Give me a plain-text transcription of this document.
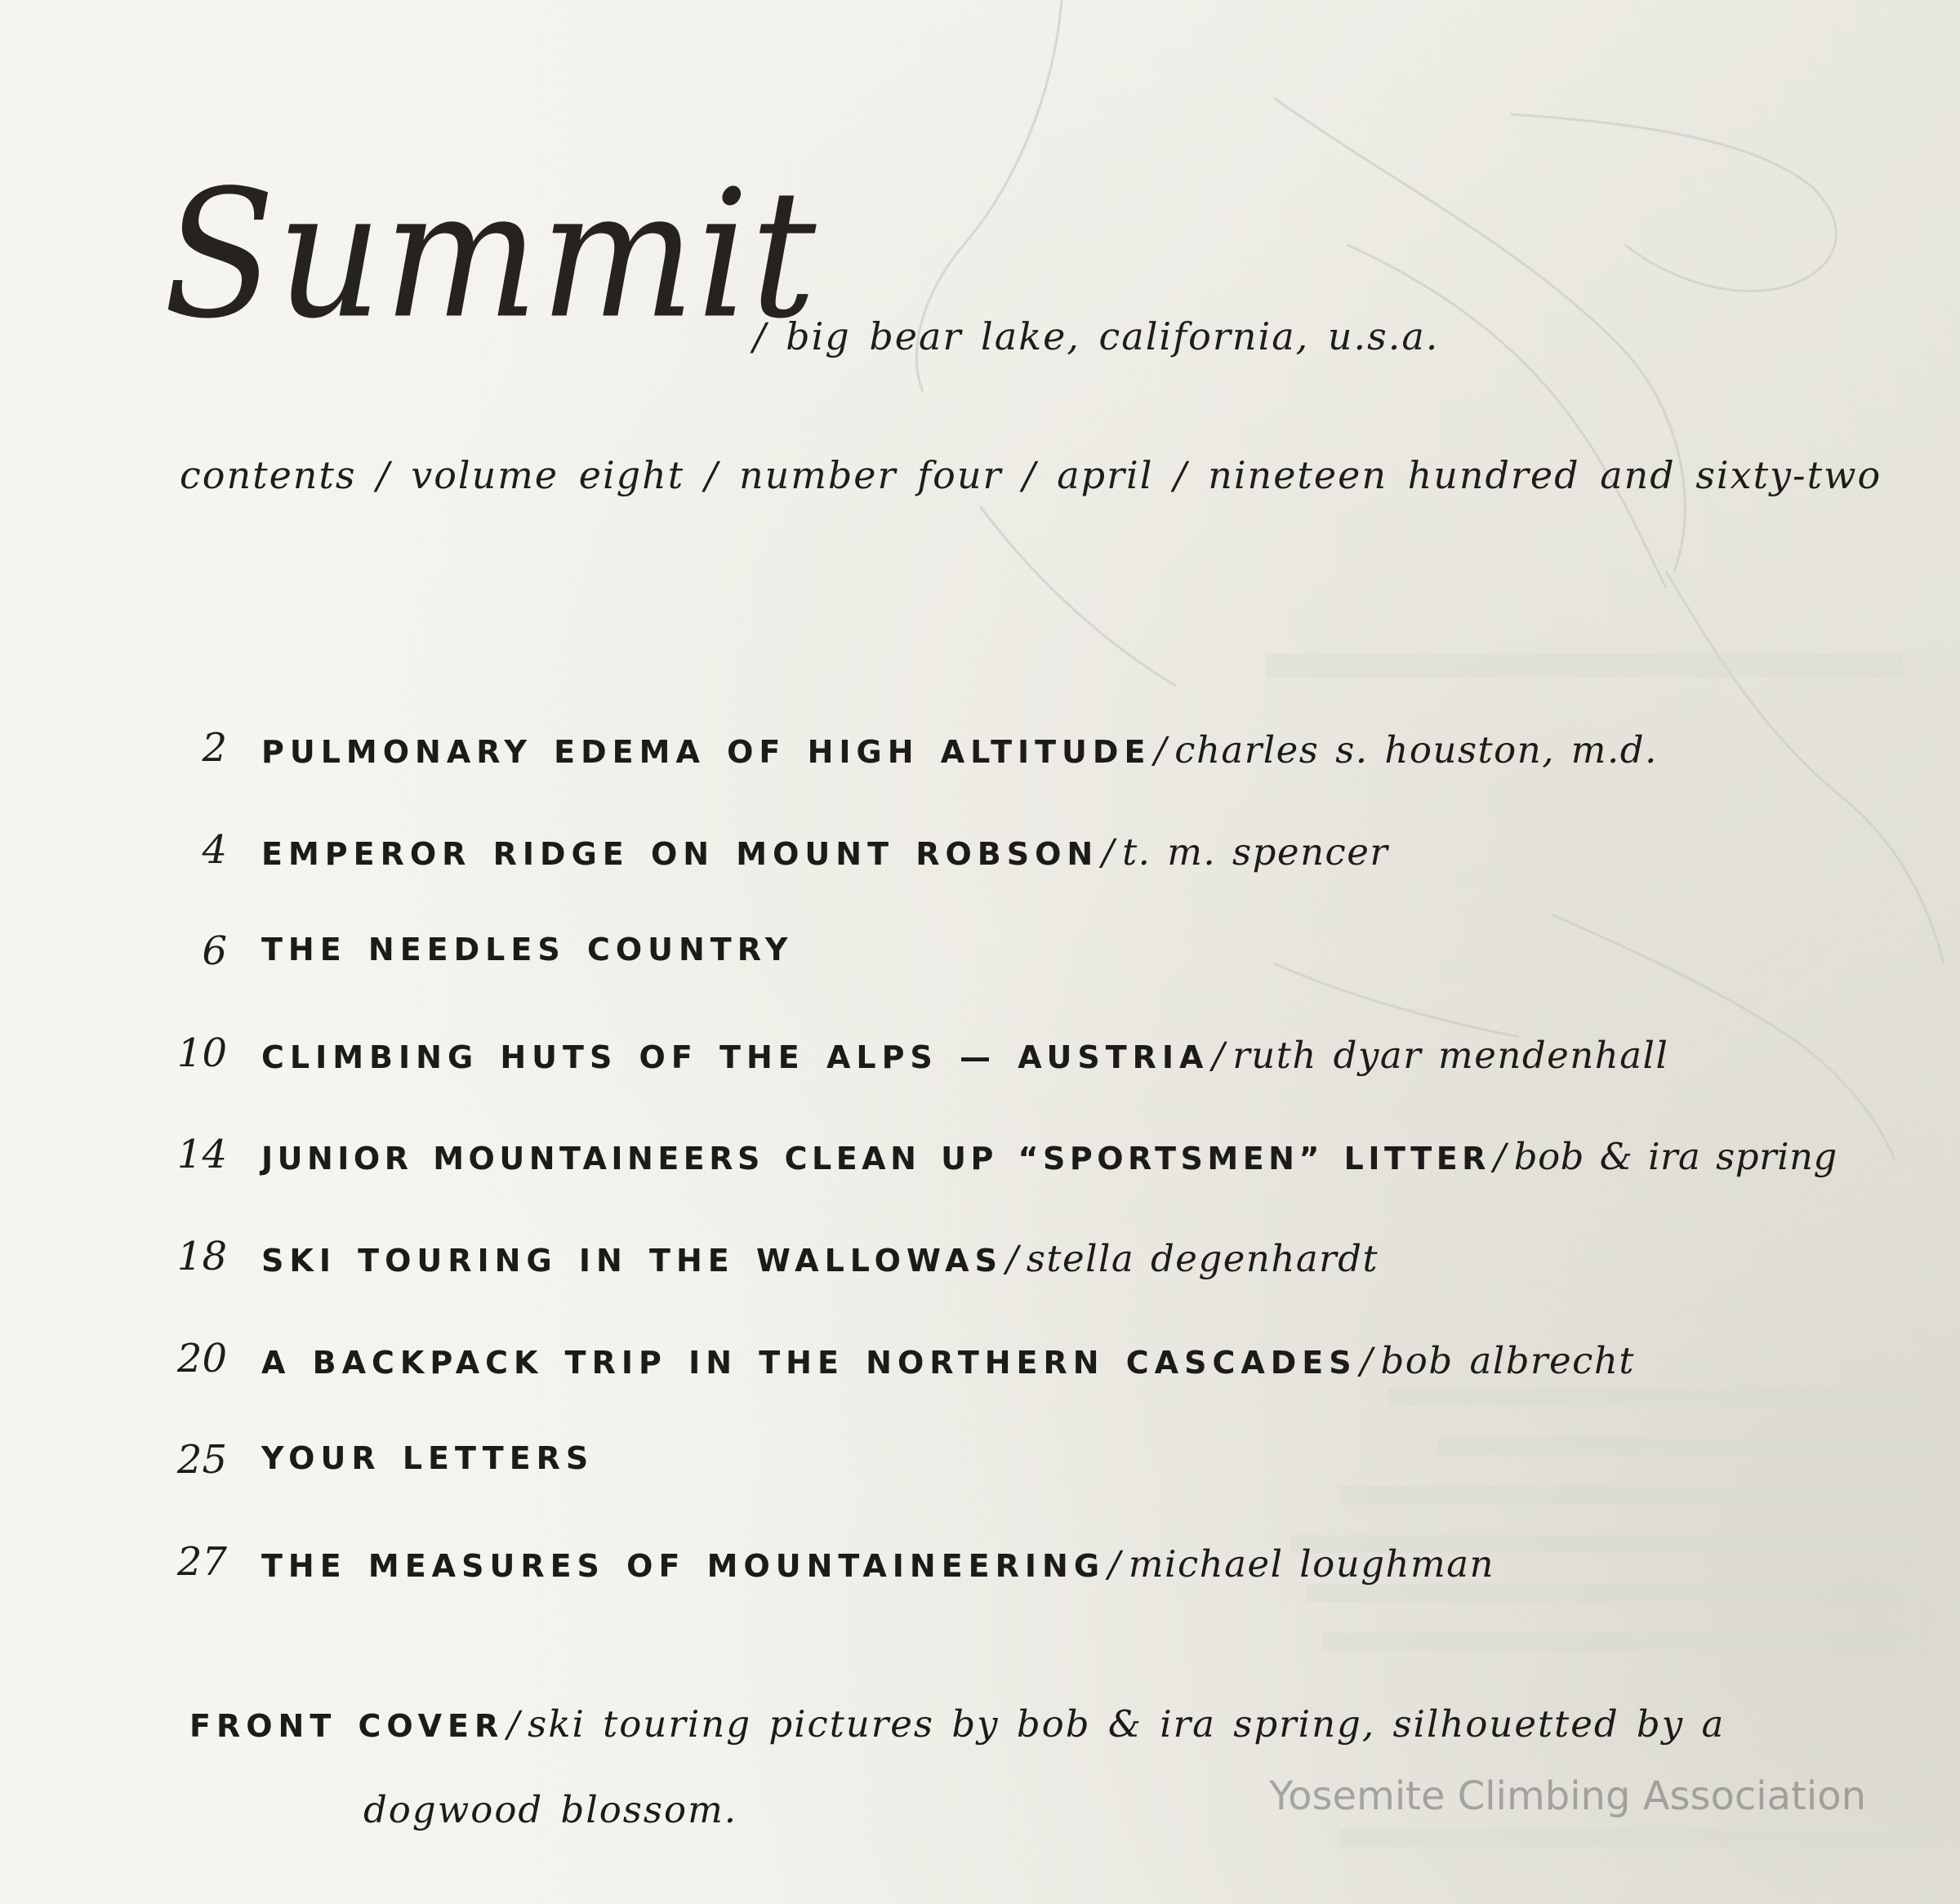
Summit
/ big bear lake, california, u.s.a.
contents / volume eight / number four / april / nineteen hundred and sixty-two
2 PULMONARY EDEMA OF HIGH ALTITUDE/ charles s. houston, m.d.
4 EMPEROR RIDGE ON MOUNT ROBSON/ t. m. spencer
6 THE NEEDLES COUNTRY
10 CLIMBING HUTS OF THE ALPS — AUSTRIA/ ruth dyar mendenhall
14 JUNIOR MOUNTAINEERS CLEAN UP “SPORTSMEN” LITTER/ bob & ira spring
18 SKI TOURING IN THE WALLOWAS/ stella degenhardt
20 A BACKPACK TRIP IN THE NORTHERN CASCADES/ bob albrecht
25 YOUR LETTERS
27 THE MEASURES OF MOUNTAINEERING/ michael loughman
FRONT COVER/ ski touring pictures by bob & ira spring, silhouetted by a
dogwood blossom.	Yosemite Climbing Association
